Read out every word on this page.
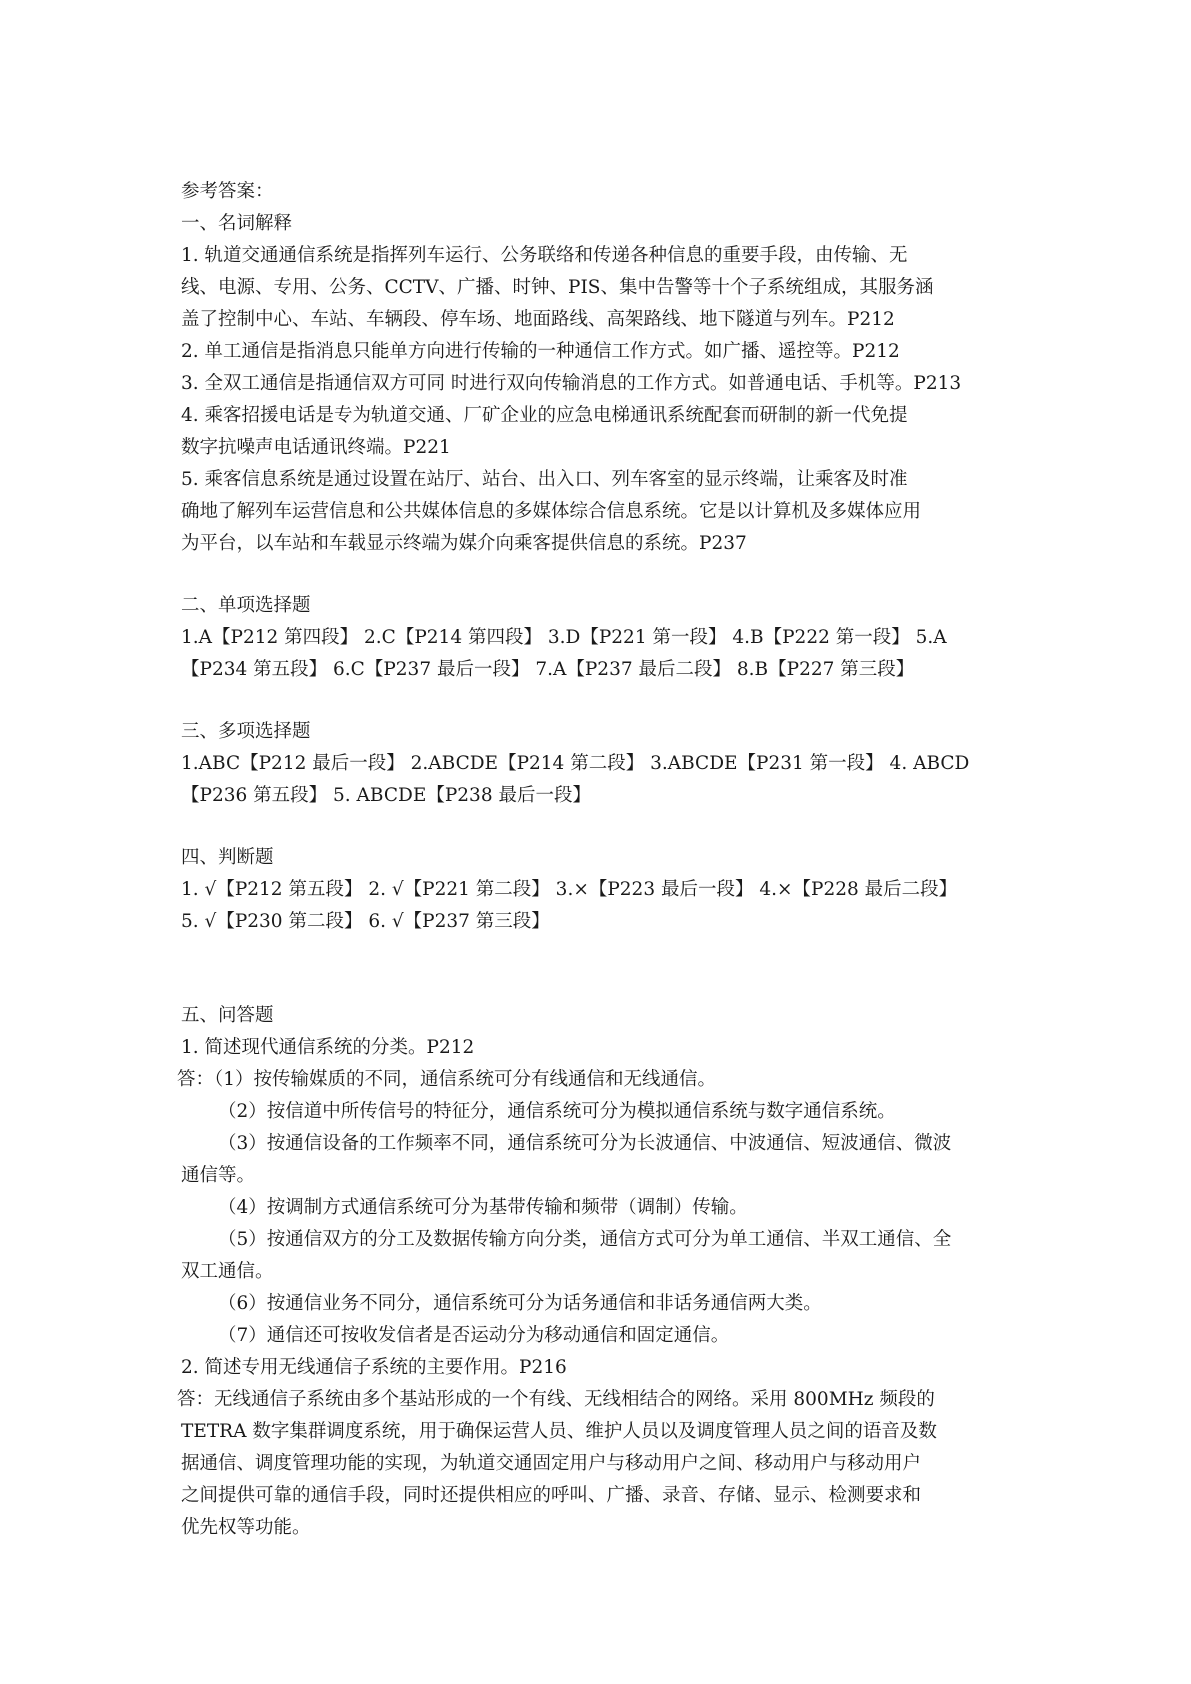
参考答案：
一、名词解释
1. 轨道交通通信系统是指挥列车运行、公务联络和传递各种信息的重要手段，由传输、无
线、电源、专用、公务、CCTV、广播、时钟、PIS、集中告警等十个子系统组成，其服务涵
盖了控制中心、车站、车辆段、停车场、地面路线、高架路线、地下隧道与列车。P212
2. 单工通信是指消息只能单方向进行传输的一种通信工作方式。如广播、遥控等。P212
3. 全双工通信是指通信双方可同 时进行双向传输消息的工作方式。如普通电话、手机等。P213
4. 乘客招援电话是专为轨道交通、厂矿企业的应急电梯通讯系统配套而研制的新一代免提
数字抗噪声电话通讯终端。P221
5. 乘客信息系统是通过设置在站厅、站台、出入口、列车客室的显示终端，让乘客及时准
确地了解列车运营信息和公共媒体信息的多媒体综合信息系统。它是以计算机及多媒体应用
为平台，以车站和车载显示终端为媒介向乘客提供信息的系统。P237
二、单项选择题
1.A【P212 第四段】 2.C【P214 第四段】 3.D【P221 第一段】 4.B【P222 第一段】 5.A
【P234 第五段】 6.C【P237 最后一段】 7.A【P237 最后二段】 8.B【P227 第三段】
三、多项选择题
1.ABC【P212 最后一段】 2.ABCDE【P214 第二段】 3.ABCDE【P231 第一段】 4. ABCD
【P236 第五段】 5. ABCDE【P238 最后一段】
四、判断题
1. √【P212 第五段】 2. √【P221 第二段】 3.×【P223 最后一段】 4.×【P228 最后二段】
5. √【P230 第二段】 6. √【P237 第三段】
五、问答题
1. 简述现代通信系统的分类。P212
答：（1）按传输媒质的不同，通信系统可分有线通信和无线通信。
（2）按信道中所传信号的特征分，通信系统可分为模拟通信系统与数字通信系统。
（3）按通信设备的工作频率不同，通信系统可分为长波通信、中波通信、短波通信、微波
通信等。
（4）按调制方式通信系统可分为基带传输和频带（调制）传输。
（5）按通信双方的分工及数据传输方向分类，通信方式可分为单工通信、半双工通信、全
双工通信。
（6）按通信业务不同分，通信系统可分为话务通信和非话务通信两大类。
（7）通信还可按收发信者是否运动分为移动通信和固定通信。
2. 简述专用无线通信子系统的主要作用。P216
答：无线通信子系统由多个基站形成的一个有线、无线相结合的网络。采用 800MHz 频段的
TETRA 数字集群调度系统，用于确保运营人员、维护人员以及调度管理人员之间的语音及数
据通信、调度管理功能的实现，为轨道交通固定用户与移动用户之间、移动用户与移动用户
之间提供可靠的通信手段，同时还提供相应的呼叫、广播、录音、存储、显示、检测要求和
优先权等功能。
